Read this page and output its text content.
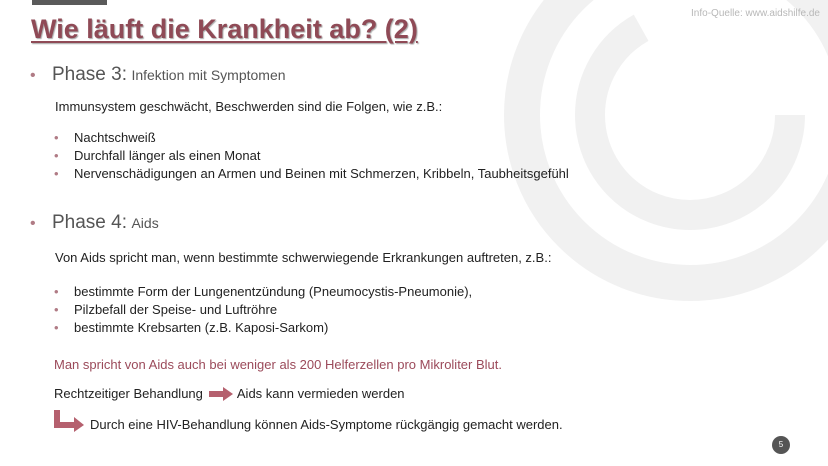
Info-Quelle: www.aidshilfe.de
Wie läuft die Krankheit ab? (2)
• Phase 3: Infektion mit Symptomen
Immunsystem geschwächt, Beschwerden sind die Folgen, wie z.B.:
• Nachtschweiß
• Durchfall länger als einen Monat
• Nervenschädigungen an Armen und Beinen mit Schmerzen, Kribbeln, Taubheitsgefühl
• Phase 4: Aids
Von Aids spricht man, wenn bestimmte schwerwiegende Erkrankungen auftreten, z.B.:
• bestimmte Form der Lungenentzündung (Pneumocystis-Pneumonie),
• Pilzbefall der Speise- und Luftröhre
• bestimmte Krebsarten (z.B. Kaposi-Sarkom)
Man spricht von Aids auch bei weniger als 200 Helferzellen pro Mikroliter Blut.
Rechtzeitiger Behandlung	Aids kann vermieden werden
Durch eine HIV-Behandlung können Aids-Symptome rückgängig gemacht werden.
5
